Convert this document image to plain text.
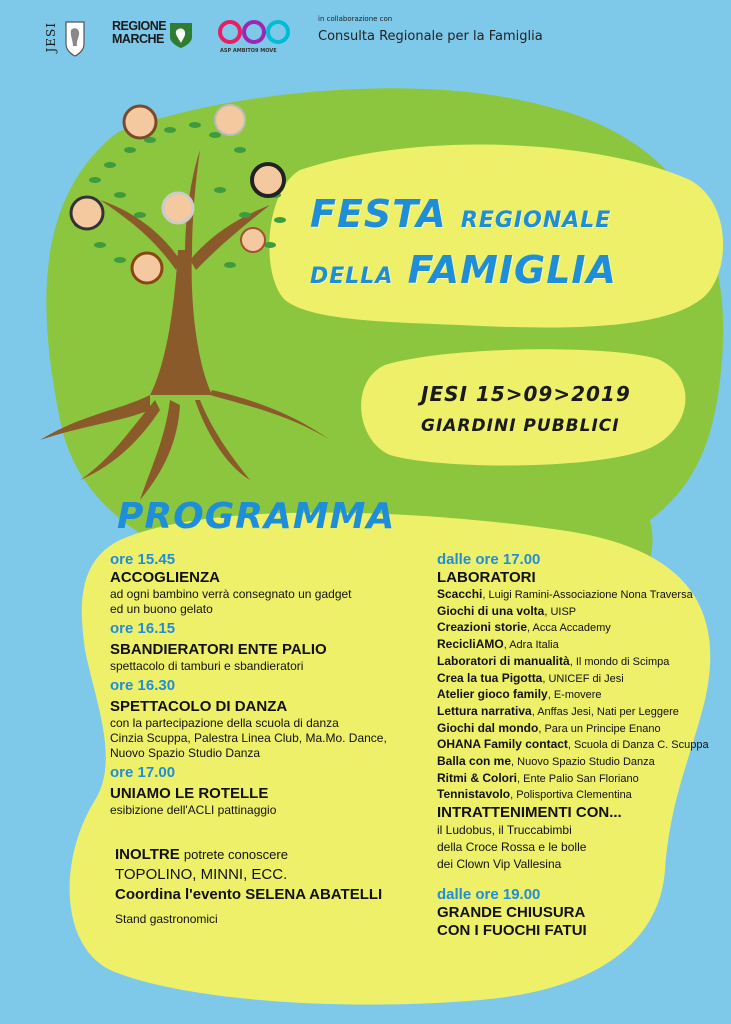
JESI	REGIONE
MARCHE
ASP AMBITO9 MOVE
in collaborazione con
Consulta Regionale per la Famiglia
FESTA REGIONALE
DELLA FAMIGLIA
JESI 15>09>2019
GIARDINI PUBBLICI
PROGRAMMA
ore 15.45
ACCOGLIENZA
ad ogni bambino verrà consegnato un gadget
ed un buono gelato
ore 16.15
SBANDIERATORI ENTE PALIO
spettacolo di tamburi e sbandieratori
ore 16.30
SPETTACOLO DI DANZA
con la partecipazione della scuola di danza
Cinzia Scuppa, Palestra Linea Club, Ma.Mo. Dance,
Nuovo Spazio Studio Danza
ore 17.00
UNIAMO LE ROTELLE
esibizione dell'ACLI pattinaggio
INOLTRE potrete conoscere
TOPOLINO, MINNI, ECC.
Coordina l'evento SELENA ABATELLI
Stand gastronomici
dalle ore 17.00
LABORATORI
Scacchi, Luigi Ramini-Associazione Nona Traversa
Giochi di una volta, UISP
Creazioni storie, Acca Accademy
RecicliAMO, Adra Italia
Laboratori di manualità, Il mondo di Scimpa
Crea la tua Pigotta, UNICEF di Jesi
Atelier gioco family, E-movere
Lettura narrativa, Anffas Jesi, Nati per Leggere
Giochi dal mondo, Para un Principe Enano
OHANA Family contact, Scuola di Danza C. Scuppa
Balla con me, Nuovo Spazio Studio Danza
Ritmi & Colori, Ente Palio San Floriano
Tennistavolo, Polisportiva Clementina
INTRATTENIMENTI CON...
il Ludobus, il Truccabimbi
della Croce Rossa e le bolle
dei Clown Vip Vallesina
dalle ore 19.00
GRANDE CHIUSURA
CON I FUOCHI FATUI
